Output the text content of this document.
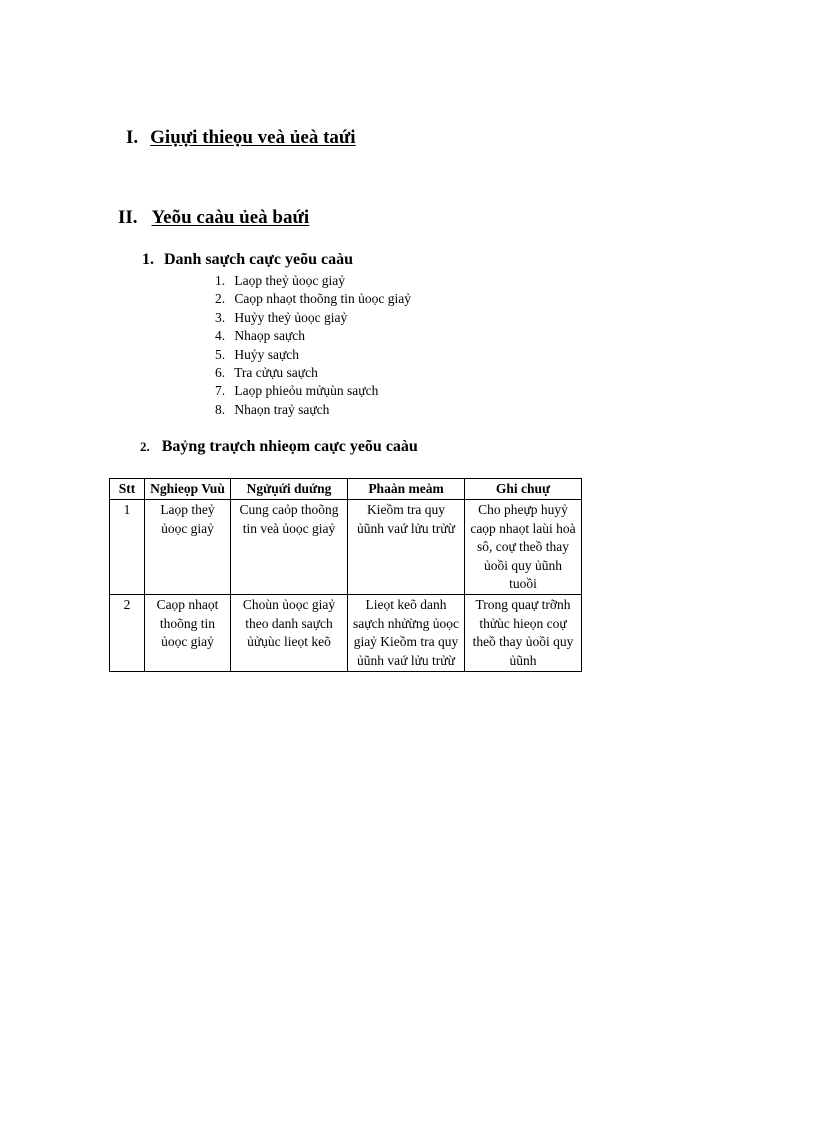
I. Giụựi thieọu veà ủeà taứi
II. Yeõu caàu ủeà baứi
1. Danh saựch caực yeõu caàu
1. Laọp theỷ ủoọc giaỷ
2. Caọp nhaọt thoõng tin ủoọc giaỷ
3. Huỷy theỷ ủoọc giaỷ
4. Nhaọp saựch
5. Huỷy saựch
6. Tra cửựu saựch
7. Laọp phieỏu mửụùn saựch
8. Nhaọn traỷ saựch
2. Baỷng traựch nhieọm caực yeõu caàu
Stt	Nghieọp Vuù	Ngửụứi duứng	Phaàn meàm	Ghi chuự
1	Laọp theỷ ủoọc giaỷ	Cung caỏp thoõng tin veà ủoọc giaỷ	Kieồm tra quy ủũnh vaứ lửu trửừ	Cho pheựp huyỷ caọp nhaọt laùi hoà sô, coự theồ thay ủoồi quy ủũnh tuoồi
2	Caọp nhaọt thoõng tin ủoọc giaỷ	Choùn ủoọc giaỷ theo danh saựch ủửụùc lieọt keõ	Lieọt keõ danh saựch nhửừng ủoọc giaỷ Kieồm tra quy ủũnh vaứ lửu trửừ	Trong quaự trỡnh thửùc hieọn coự theồ thay ủoồi quy ủũnh
